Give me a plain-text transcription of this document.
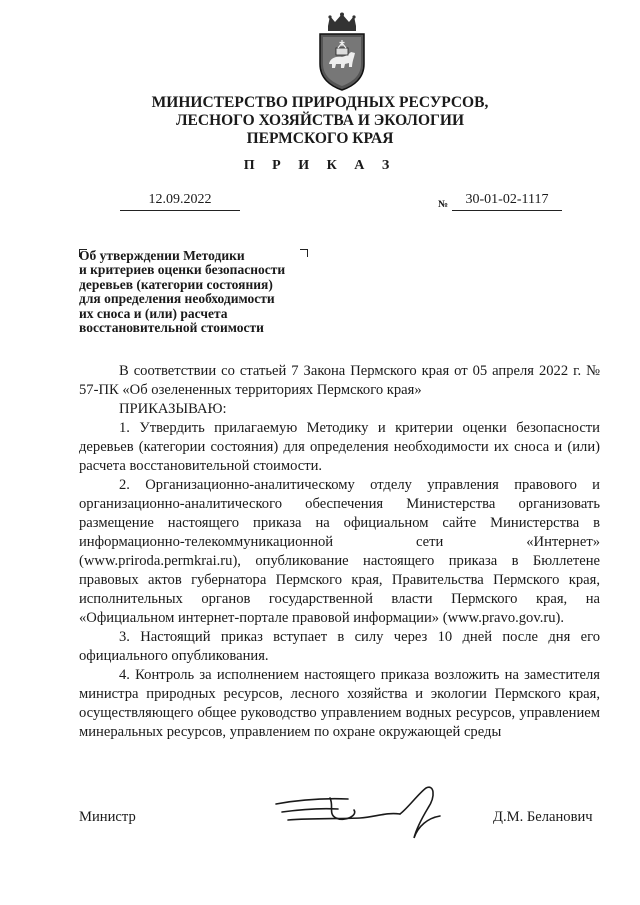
МИНИСТЕРСТВО ПРИРОДНЫХ РЕСУРСОВ,
ЛЕСНОГО ХОЗЯЙСТВА И ЭКОЛОГИИ
ПЕРМСКОГО КРАЯ
П Р И К А З
12.09.2022	№	30-01-02-1117
Об утверждении Методики
и критериев оценки безопасности
деревьев (категории состояния)
для определения необходимости
их сноса и (или) расчета
восстановительной стоимости

В соответствии со статьей 7 Закона Пермского края от 05 апреля 2022 г. № 57-ПК «Об озелененных территориях Пермского края»

ПРИКАЗЫВАЮ:

1. Утвердить прилагаемую Методику и критерии оценки безопасности деревьев (категории состояния) для определения необходимости их сноса и (или) расчета восстановительной стоимости.

2. Организационно-аналитическому отделу управления правового и организационно-аналитического обеспечения Министерства организовать размещение настоящего приказа на официальном сайте Министерства в информационно-телекоммуникационной сети «Интернет» (www.priroda.permkrai.ru), опубликование настоящего приказа в Бюллетене правовых актов губернатора Пермского края, Правительства Пермского края, исполнительных органов государственной власти Пермского края, на «Официальном интернет-портале правовой информации» (www.pravo.gov.ru).

3. Настоящий приказ вступает в силу через 10 дней после дня его официального опубликования.

4. Контроль за исполнением настоящего приказа возложить на заместителя министра природных ресурсов, лесного хозяйства и экологии Пермского края, осуществляющего общее руководство управлением водных ресурсов, управлением минеральных ресурсов, управлением по охране окружающей среды

Министр	Д.М. Беланович
